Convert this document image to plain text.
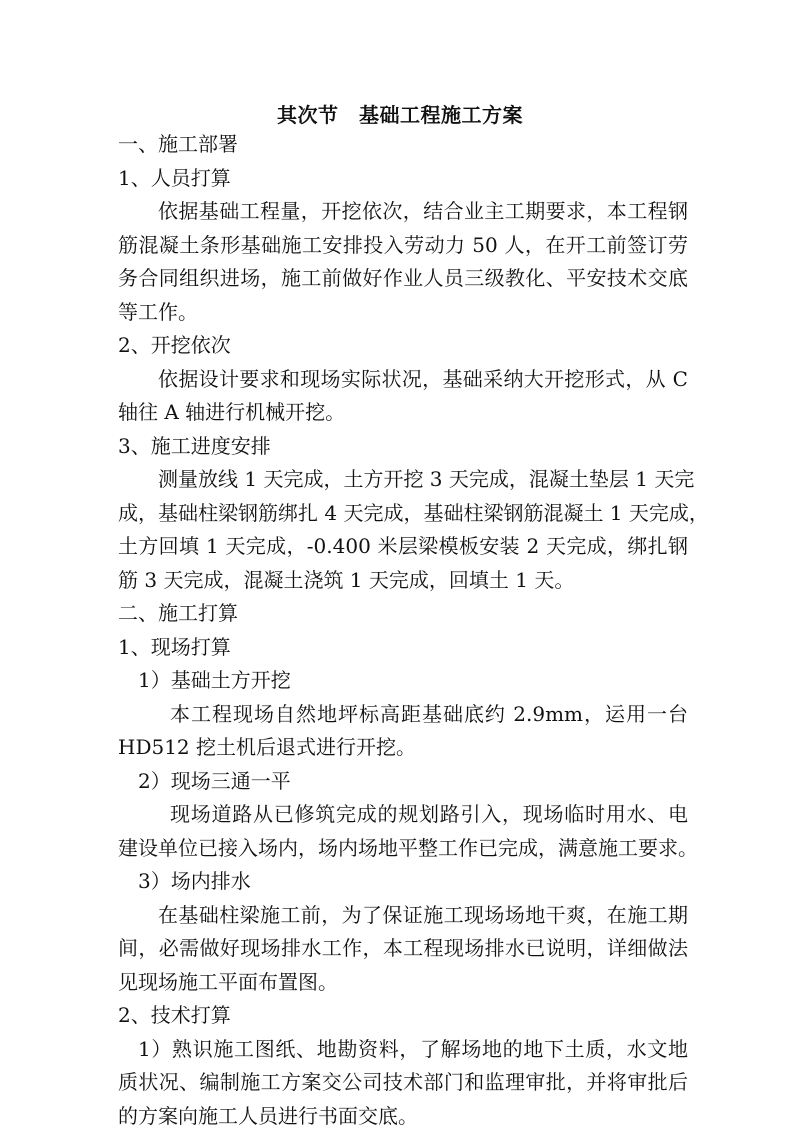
其次节　基础工程施工方案
一、施工部署
1、人员打算
依据基础工程量，开挖依次，结合业主工期要求，本工程钢
筋混凝土条形基础施工安排投入劳动力 50 人，在开工前签订劳
务合同组织进场，施工前做好作业人员三级教化、平安技术交底
等工作。
2、开挖依次
依据设计要求和现场实际状况，基础采纳大开挖形式，从 C
轴往 A 轴进行机械开挖。
3、施工进度安排
测量放线 1 天完成，土方开挖 3 天完成，混凝土垫层 1 天完
成，基础柱梁钢筋绑扎 4 天完成，基础柱梁钢筋混凝土 1 天完成，
土方回填 1 天完成，-0.400 米层梁模板安装 2 天完成，绑扎钢
筋 3 天完成，混凝土浇筑 1 天完成，回填土 1 天。
二、施工打算
1、现场打算
1）基础土方开挖
本工程现场自然地坪标高距基础底约 2.9mm，运用一台
HD512 挖土机后退式进行开挖。
2）现场三通一平
现场道路从已修筑完成的规划路引入，现场临时用水、电
建设单位已接入场内，场内场地平整工作已完成，满意施工要求。
3）场内排水
在基础柱梁施工前，为了保证施工现场场地干爽，在施工期
间，必需做好现场排水工作，本工程现场排水已说明，详细做法
见现场施工平面布置图。
2、技术打算
1）熟识施工图纸、地勘资料，了解场地的地下土质，水文地
质状况、编制施工方案交公司技术部门和监理审批，并将审批后
的方案向施工人员进行书面交底。
